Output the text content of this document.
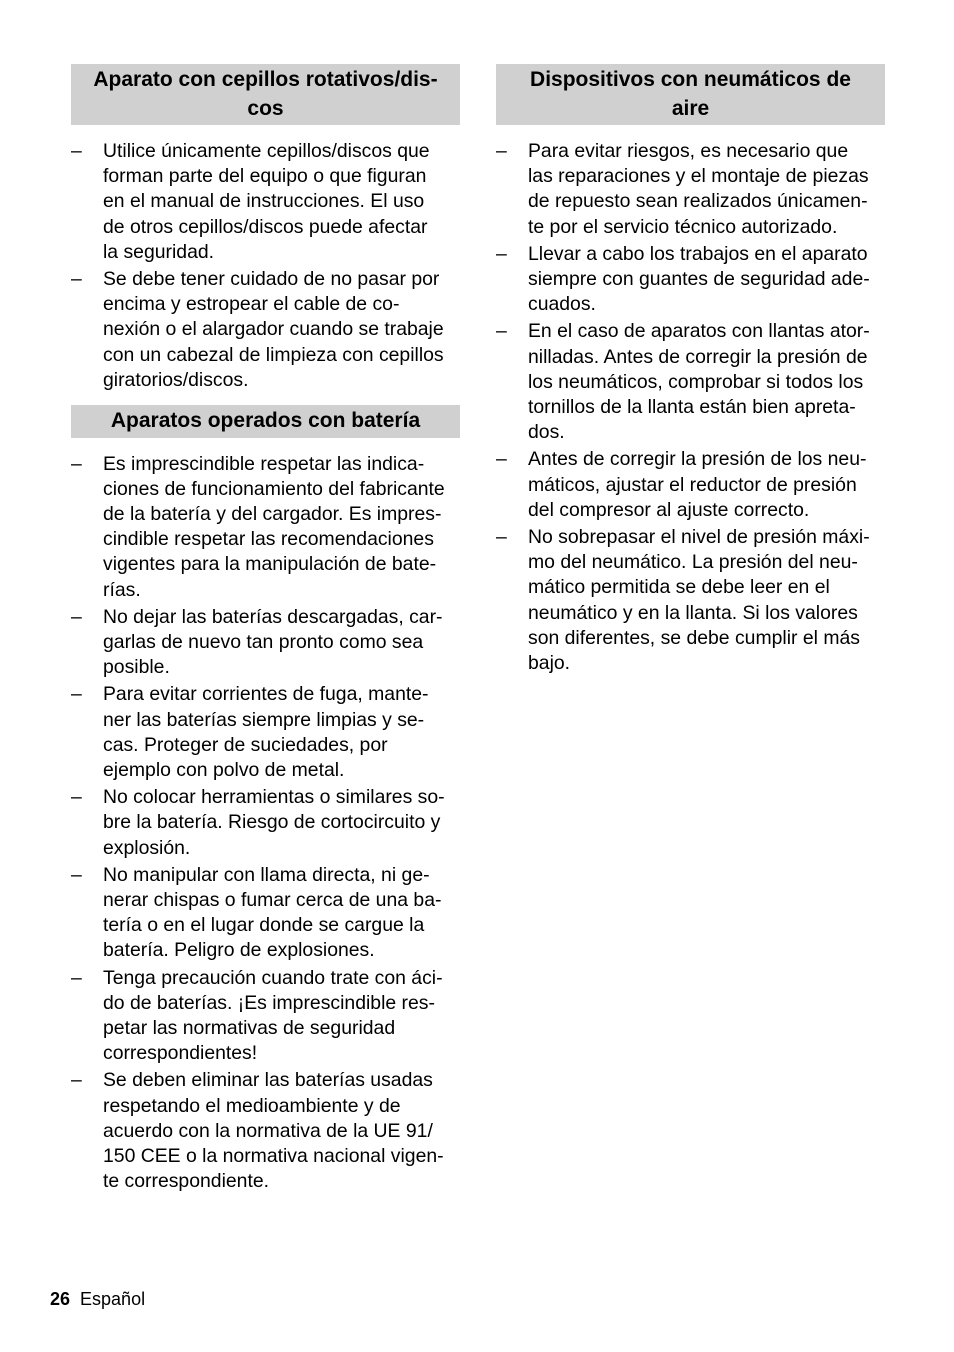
Aparato con cepillos rotativos/dis-
cos
– Utilice únicamente cepillos/discos que
forman parte del equipo o que figuran
en el manual de instrucciones. El uso
de otros cepillos/discos puede afectar
la seguridad.
– Se debe tener cuidado de no pasar por
encima y estropear el cable de co-
nexión o el alargador cuando se trabaje
con un cabezal de limpieza con cepillos
giratorios/discos.
Aparatos operados con batería
– Es imprescindible respetar las indica-
ciones de funcionamiento del fabricante
de la batería y del cargador. Es impres-
cindible respetar las recomendaciones
vigentes para la manipulación de bate-
rías.
– No dejar las baterías descargadas, car-
garlas de nuevo tan pronto como sea
posible.
– Para evitar corrientes de fuga, mante-
ner las baterías siempre limpias y se-
cas. Proteger de suciedades, por
ejemplo con polvo de metal.
– No colocar herramientas o similares so-
bre la batería. Riesgo de cortocircuito y
explosión.
– No manipular con llama directa, ni ge-
nerar chispas o fumar cerca de una ba-
tería o en el lugar donde se cargue la
batería. Peligro de explosiones.
– Tenga precaución cuando trate con áci-
do de baterías. ¡Es imprescindible res-
petar las normativas de seguridad
correspondientes!
– Se deben eliminar las baterías usadas
respetando el medioambiente y de
acuerdo con la normativa de la UE 91/
150 CEE o la normativa nacional vigen-
te correspondiente.
Dispositivos con neumáticos de
aire
– Para evitar riesgos, es necesario que
las reparaciones y el montaje de piezas
de repuesto sean realizados únicamen-
te por el servicio técnico autorizado.
– Llevar a cabo los trabajos en el aparato
siempre con guantes de seguridad ade-
cuados.
– En el caso de aparatos con llantas ator-
nilladas. Antes de corregir la presión de
los neumáticos, comprobar si todos los
tornillos de la llanta están bien apreta-
dos.
– Antes de corregir la presión de los neu-
máticos, ajustar el reductor de presión
del compresor al ajuste correcto.
– No sobrepasar el nivel de presión máxi-
mo del neumático. La presión del neu-
mático permitida se debe leer en el
neumático y en la llanta. Si los valores
son diferentes, se debe cumplir el más
bajo.
26 Español
